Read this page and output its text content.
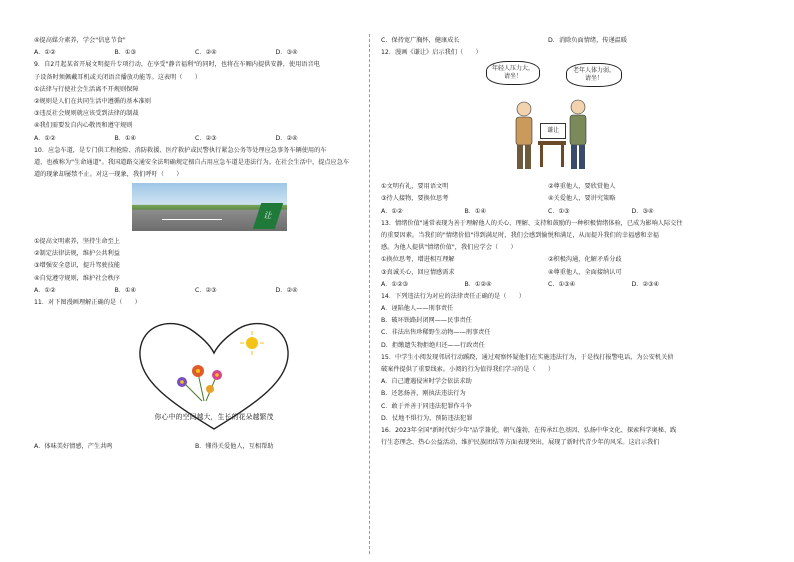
④提高媒介素养，学会"信息节食"
A．①②	B．①③	C．②④	D．③④
9．自2月起某省开展文明提升专项行动，在享受"静音福利"的同时，也将在车厢内提供安静，使用语音电
子设备时须佩戴耳机或关闭语音播放功能等。这表明（　　）
①法律与行使社会生活离不开规则保障
②规则是人们在共同生活中遵循的基本准则
③违反社会规则就应该受到法律的制裁
④我们需要发自内心敬畏和遵守规则
A．①②	B．①④	C．②③	D．②④
10．应急车道，是专门供工程抢险、消防救援、医疗救护或民警执行紧急公务等处理应急事务车辆使用的车
道，也被称为"生命通道"。我国道路交通安全法明确规定擅自占用应急车道是违法行为。在社会生活中，提点应急车
道的现象却屡禁不止。对这一现象，我们呼吁（　　）
让
①提高文明素养，坚持生命至上
②制定法律法规，维护公共利益
③增强安全意识，提升驾驶技能
④自觉遵守规则，维护社会秩序
A．①②	B．①④	C．②③	D．②④
11．对下图漫画理解正确的是（　　）
你心中的空间越大，生长的花朵越繁茂
A．体味美好情感，产生共鸣	B．懂得关爱他人，互相帮助
C．保持宽广胸怀，健康成长	D．消除负面情绪，传递温暖
12．漫画《谦让》启示我们（　　）
年轻人压力大，请坐！
老年人体力弱，请坐！
谦让
①文明有礼，要用语文明	②尊重他人，要欣赏他人
③待人接物，要换位思考	④关爱他人，要讲究策略
A．①②	B．①④	C．①③	D．③④
13．情绪价值"通常表现为善于理解他人的关心、理解、支持和鼓励的一种积极情绪体验，已成为影响人际交往
的重要因素。当我们的"情绪价值"得到满足时，我们会感到愉悦和满足，从而提升我们的幸福感和幸福
感。为他人提供"情绪价值"，我们应学会（　　）
①换位思考，增进相互理解	②积极沟通，化解矛盾分歧
③真诚关心，回应情感需求	④尊重他人，全面接纳认可
A．①②③	B．①②④	C．①③④	D．②③④
14．下列违法行为对应的法律责任正确的是（　　）
A．诬陷他人——刑事责任
B．破坏铁路封闭网——民事责任
C．非法出售珍稀野生动物——刑事责任
D．拒缴遗失物拒绝归还——行政责任
15．中学生小阅发现邻居行动蹊跷，通过观察怀疑他们在实施违法行为，于是找打报警电话，为公安机关侦
破案件提供了重要线索。小阅的行为值得我们学习的是（　　）
A．自己遭遇侵害时学会依法求助
B．还惩扬善，刚执法违法行为
C．敢于并善于同违法犯罪作斗争
D．仗地不惧行为，预防违法犯罪
16．2023年全国"新时代好少年"品学兼优、朝气蓬勃，在传承红色基因、弘扬中华文化、探索科学奥秘、践
行生态理念、热心公益活动、维护民族团结等方面表现突出，展现了新时代青少年的风采。这启示我们
